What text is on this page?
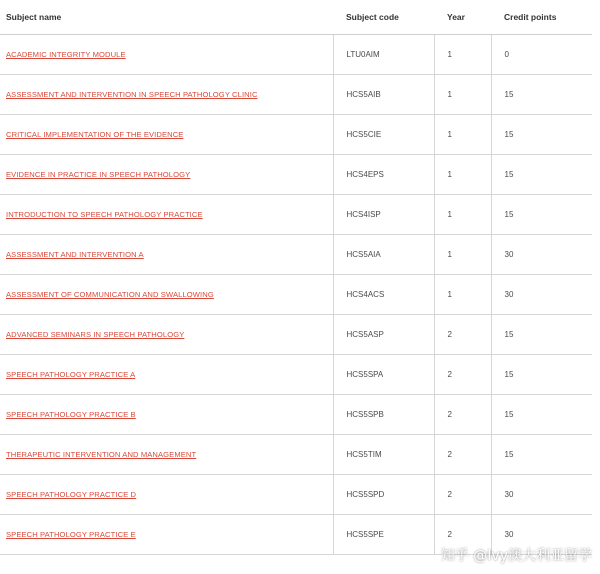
Subject name	Subject code	Year	Credit points
ACADEMIC INTEGRITY MODULE	LTU0AIM	1	0
ASSESSMENT AND INTERVENTION IN SPEECH PATHOLOGY CLINIC	HCS5AIB	1	15
CRITICAL IMPLEMENTATION OF THE EVIDENCE	HCS5CIE	1	15
EVIDENCE IN PRACTICE IN SPEECH PATHOLOGY	HCS4EPS	1	15
INTRODUCTION TO SPEECH PATHOLOGY PRACTICE	HCS4ISP	1	15
ASSESSMENT AND INTERVENTION A	HCS5AIA	1	30
ASSESSMENT OF COMMUNICATION AND SWALLOWING	HCS4ACS	1	30
ADVANCED SEMINARS IN SPEECH PATHOLOGY	HCS5ASP	2	15
SPEECH PATHOLOGY PRACTICE A	HCS5SPA	2	15
SPEECH PATHOLOGY PRACTICE B	HCS5SPB	2	15
THERAPEUTIC INTERVENTION AND MANAGEMENT	HCS5TIM	2	15
SPEECH PATHOLOGY PRACTICE D	HCS5SPD	2	30
SPEECH PATHOLOGY PRACTICE E	HCS5SPE	2	30
知乎 @Ivy澳大利亚留学
